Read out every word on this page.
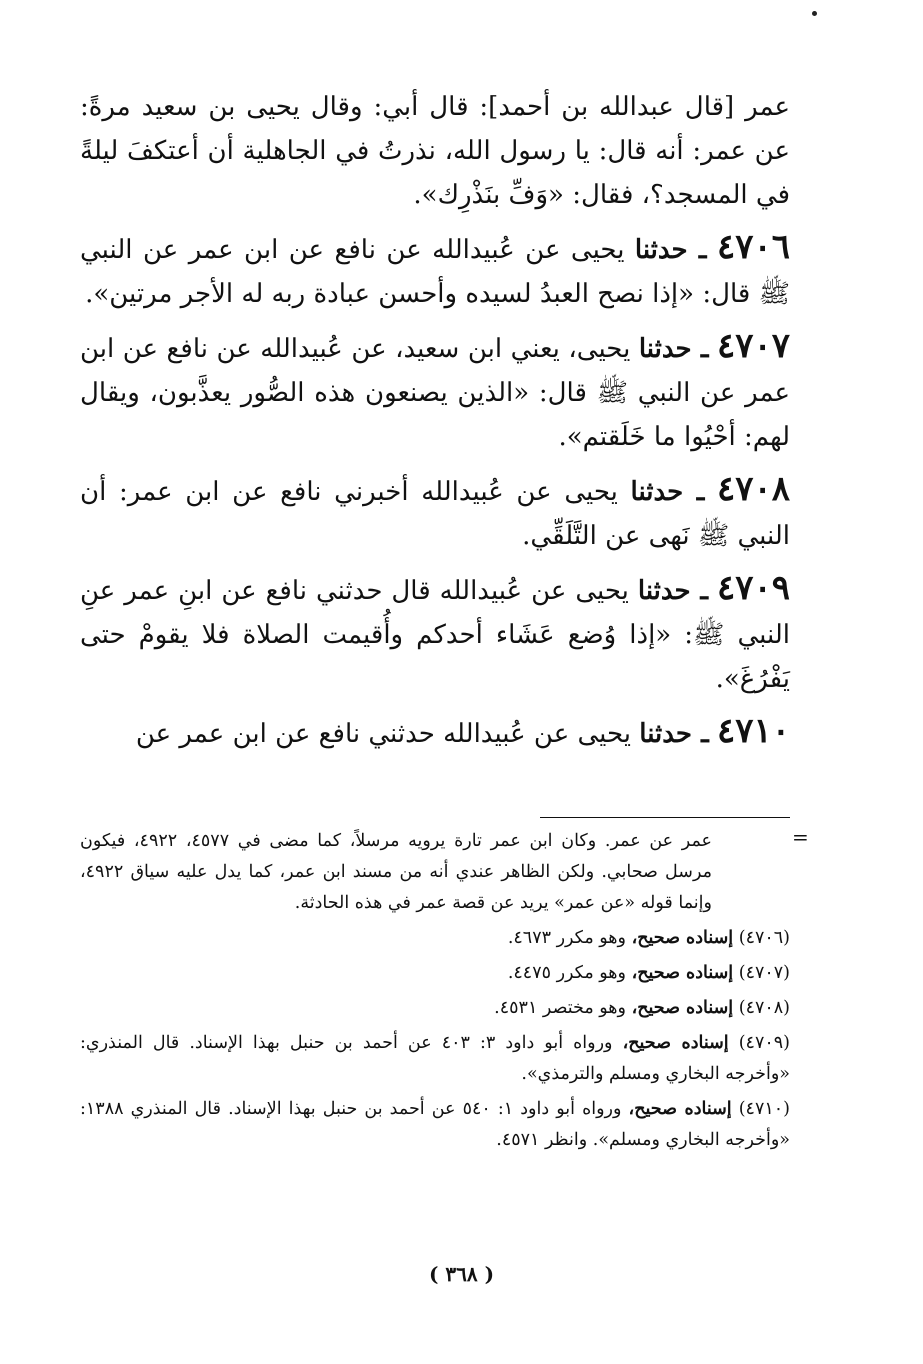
عمر [قال عبدالله بن أحمد]: قال أبي: وقال يحيى بن سعيد مرةً: عن عمر: أنه قال: يا رسول الله، نذرتُ في الجاهلية أن أعتكفَ ليلةً في المسجد؟، فقال: «وَفِّ بنَذْرِك».

٤٧٠٦ ـ حدثنا يحيى عن عُبيدالله عن نافع عن ابن عمر عن النبي ﷺ قال: «إذا نصح العبدُ لسيده وأحسن عبادة ربه له الأجر مرتين».

٤٧٠٧ ـ حدثنا يحيى، يعني ابن سعيد، عن عُبيدالله عن نافع عن ابن عمر عن النبي ﷺ قال: «الذين يصنعون هذه الصُّور يعذَّبون، ويقال لهم: أحْيُوا ما خَلَقتم».

٤٧٠٨ ـ حدثنا يحيى عن عُبيدالله أخبرني نافع عن ابن عمر: أن النبي ﷺ نَهى عن التَّلَقِّي.

٤٧٠٩ ـ حدثنا يحيى عن عُبيدالله قال حدثني نافع عن ابنِ عمر عنِ النبي ﷺ: «إذا وُضع عَشَاء أحدكم وأُقيمت الصلاة فلا يقومْ حتى يَفْرُغَ».

٤٧١٠ ـ حدثنا يحيى عن عُبيدالله حدثني نافع عن ابن عمر عن

=

عمر عن عمر. وكان ابن عمر تارة يرويه مرسلاً، كما مضى في ٤٥٧٧، ٤٩٢٢، فيكون مرسل صحابي. ولكن الظاهر عندي أنه من مسند ابن عمر، كما يدل عليه سياق ٤٩٢٢، وإنما قوله «عن عمر» يريد عن قصة عمر في هذه الحادثة.

(٤٧٠٦) إسناده صحيح، وهو مكرر ٤٦٧٣.

(٤٧٠٧) إسناده صحيح، وهو مكرر ٤٤٧٥.

(٤٧٠٨) إسناده صحيح، وهو مختصر ٤٥٣١.

(٤٧٠٩) إسناده صحيح، ورواه أبو داود ٣: ٤٠٣ عن أحمد بن حنبل بهذا الإسناد. قال المنذري: «وأخرجه البخاري ومسلم والترمذي».

(٤٧١٠) إسناده صحيح، ورواه أبو داود ١: ٥٤٠ عن أحمد بن حنبل بهذا الإسناد. قال المنذري ١٣٨٨: «وأخرجه البخاري ومسلم». وانظر ٤٥٧١.

( ٣٦٨ )
